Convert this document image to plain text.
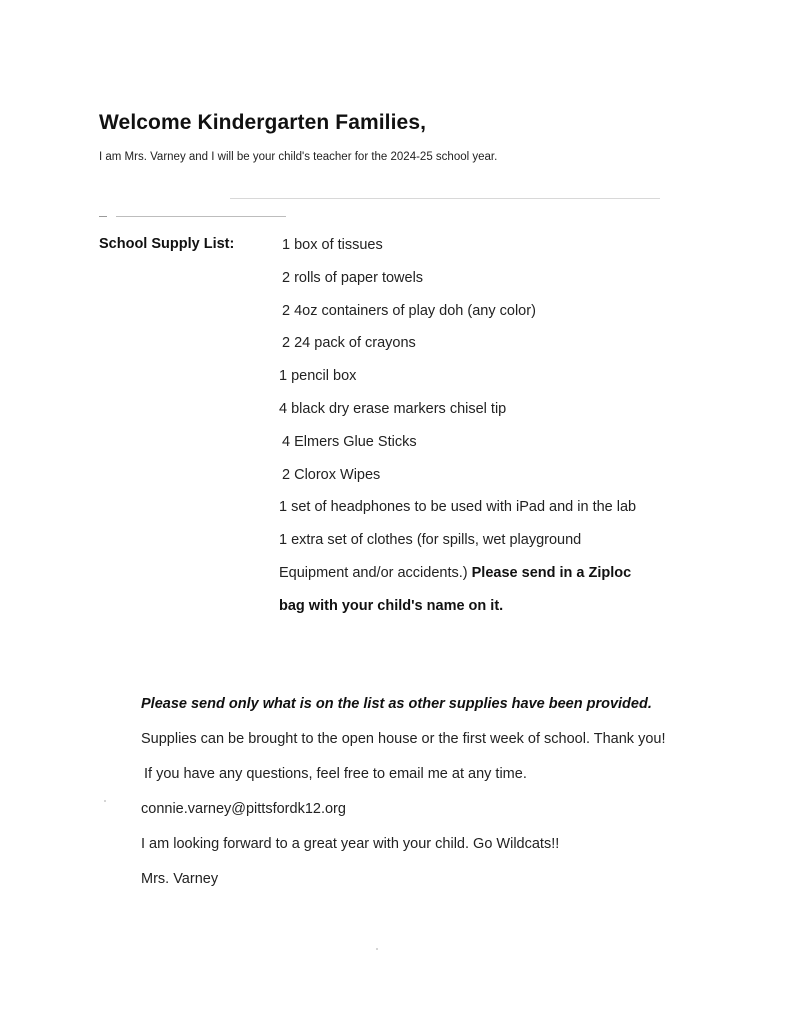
Welcome Kindergarten Families,
I am Mrs. Varney and I will be your child's teacher for the 2024-25 school year.
School Supply List:	1 box of tissues
2 rolls of paper towels
2 4oz containers of play doh (any color)
2 24 pack of crayons
1 pencil box
4 black dry erase markers chisel tip
4 Elmers Glue Sticks
2 Clorox Wipes
1 set of headphones to be used with iPad and in the lab
1 extra set of clothes (for spills, wet playground
Equipment and/or accidents.) Please send in a Ziploc
bag with your child's name on it.

Please send only what is on the list as other supplies have been provided.

Supplies can be brought to the open house or the first week of school. Thank you!

If you have any questions, feel free to email me at any time.

connie.varney@pittsfordk12.org

I am looking forward to a great year with your child. Go Wildcats!!

Mrs. Varney
